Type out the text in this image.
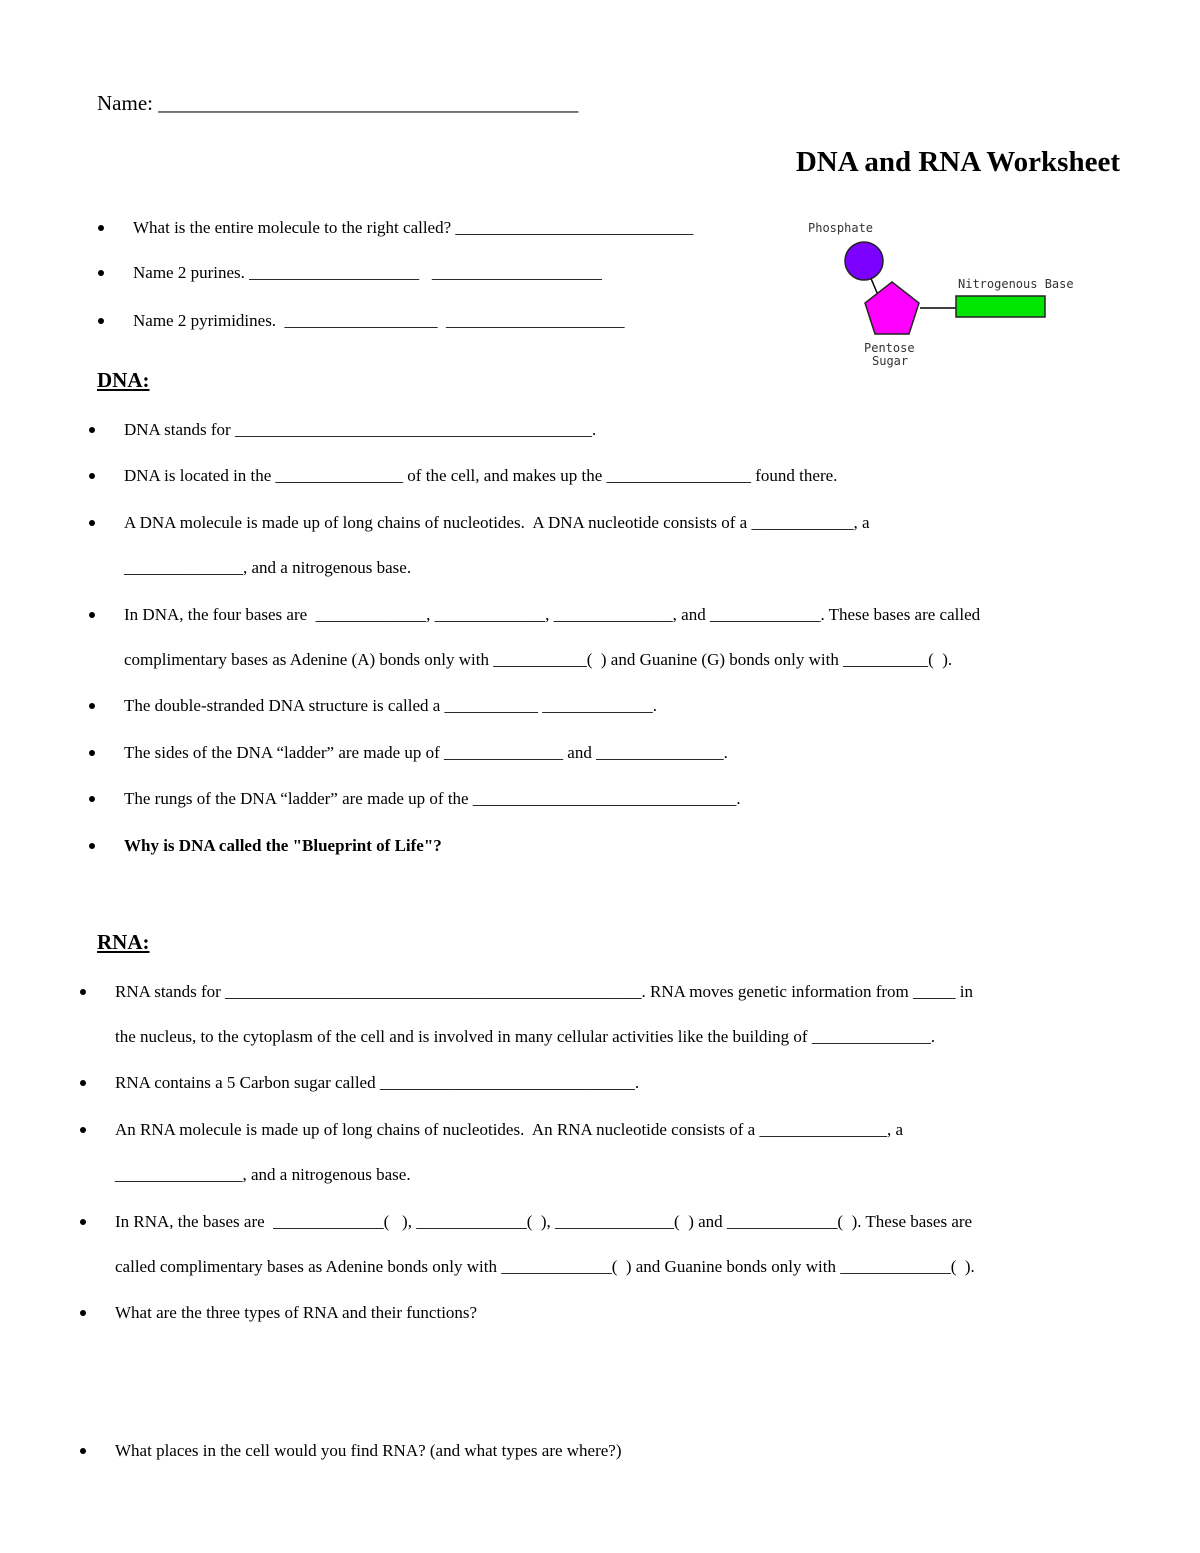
Name: ________________________________________
DNA and RNA Worksheet
What is the entire molecule to the right called? ____________________________
Name 2 purines. ____________________   ____________________
Name 2 pyrimidines.  __________________  _____________________
Phosphate
Nitrogenous Base
Pentose
Sugar
DNA:
DNA stands for __________________________________________.
DNA is located in the _______________ of the cell, and makes up the _________________ found there.
A DNA molecule is made up of long chains of nucleotides.  A DNA nucleotide consists of a ____________, a
______________, and a nitrogenous base.
In DNA, the four bases are  _____________, _____________, ______________, and _____________. These bases are called
complimentary bases as Adenine (A) bonds only with ___________(  ) and Guanine (G) bonds only with __________(  ).
The double-stranded DNA structure is called a ___________ _____________.
The sides of the DNA “ladder” are made up of ______________ and _______________.
The rungs of the DNA “ladder” are made up of the _______________________________.
Why is DNA called the "Blueprint of Life"?
RNA:
RNA stands for _________________________________________________. RNA moves genetic information from _____ in
the nucleus, to the cytoplasm of the cell and is involved in many cellular activities like the building of ______________.
RNA contains a 5 Carbon sugar called ______________________________.
An RNA molecule is made up of long chains of nucleotides.  An RNA nucleotide consists of a _______________, a
_______________, and a nitrogenous base.
In RNA, the bases are  _____________(   ), _____________(  ), ______________(  ) and _____________(  ). These bases are
called complimentary bases as Adenine bonds only with _____________(  ) and Guanine bonds only with _____________(  ).
What are the three types of RNA and their functions?
What places in the cell would you find RNA? (and what types are where?)
